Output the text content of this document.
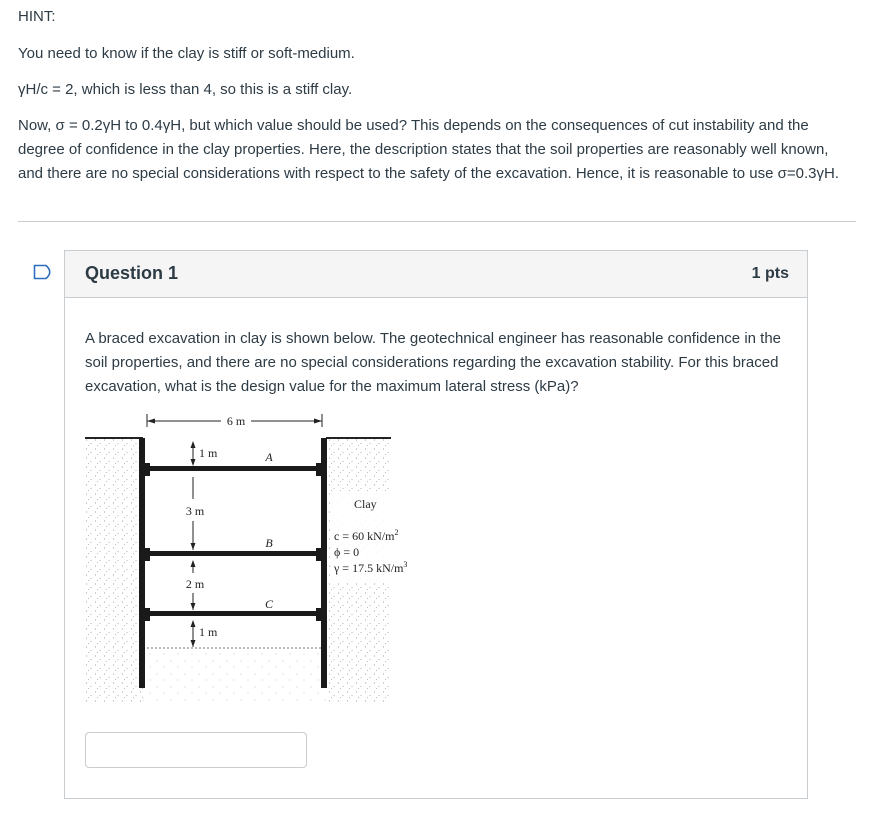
HINT:

You need to know if the clay is stiff or soft-medium.

γH/c = 2, which is less than 4, so this is a stiff clay.

Now, σ = 0.2γH to 0.4γH, but which value should be used? This depends on the consequences of cut instability and the degree of confidence in the clay properties. Here, the description states that the soil properties are reasonably well known, and there are no special considerations with respect to the safety of the excavation. Hence, it is reasonable to use σ=0.3γH.

Question 1	1 pts

A braced excavation in clay is shown below. The geotechnical engineer has reasonable confidence in the soil properties, and there are no special considerations regarding the excavation stability. For this braced excavation, what is the design value for the maximum lateral stress (kPa)?

6 m
1 m
3 m
2 m
1 m
A
B
C
Clay
c = 60 $kN/m^2$
ϕ = 0
γ = 17.5 $kN/m^3$
